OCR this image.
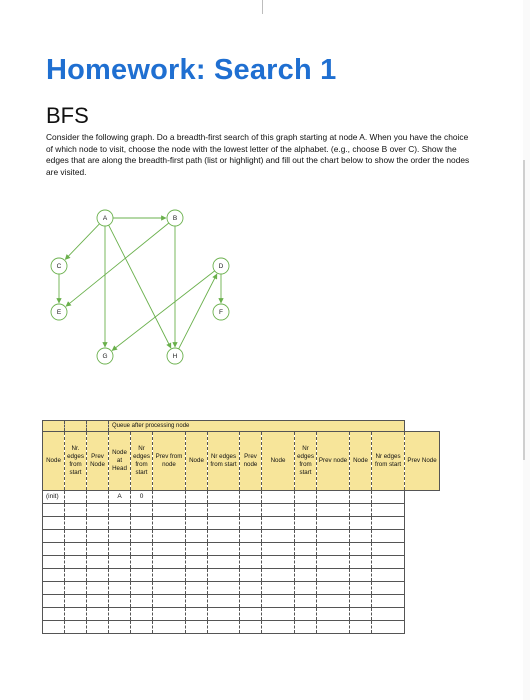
Homework: Search 1
BFS
Consider the following graph. Do a breadth-first search of this graph starting at node A. When you have the choice of which node to visit, choose the node with the lowest letter of the alphabet. (e.g., choose B over C). Show the edges that are along the breadth-first path (list or highlight) and fill out the chart below to show the order the nodes are visited.
A	B
C	D
E	F
G	H
			Queue after processing node											
Node	Nr. edges from start	Prev Node	Node at Head	Nr edges from start	Prev from node	Node	Nr edges from start	Prev node	Node	Nr edges from start	Prev node	Node	Nr edges from start	Prev Node
(init)			A	0										
